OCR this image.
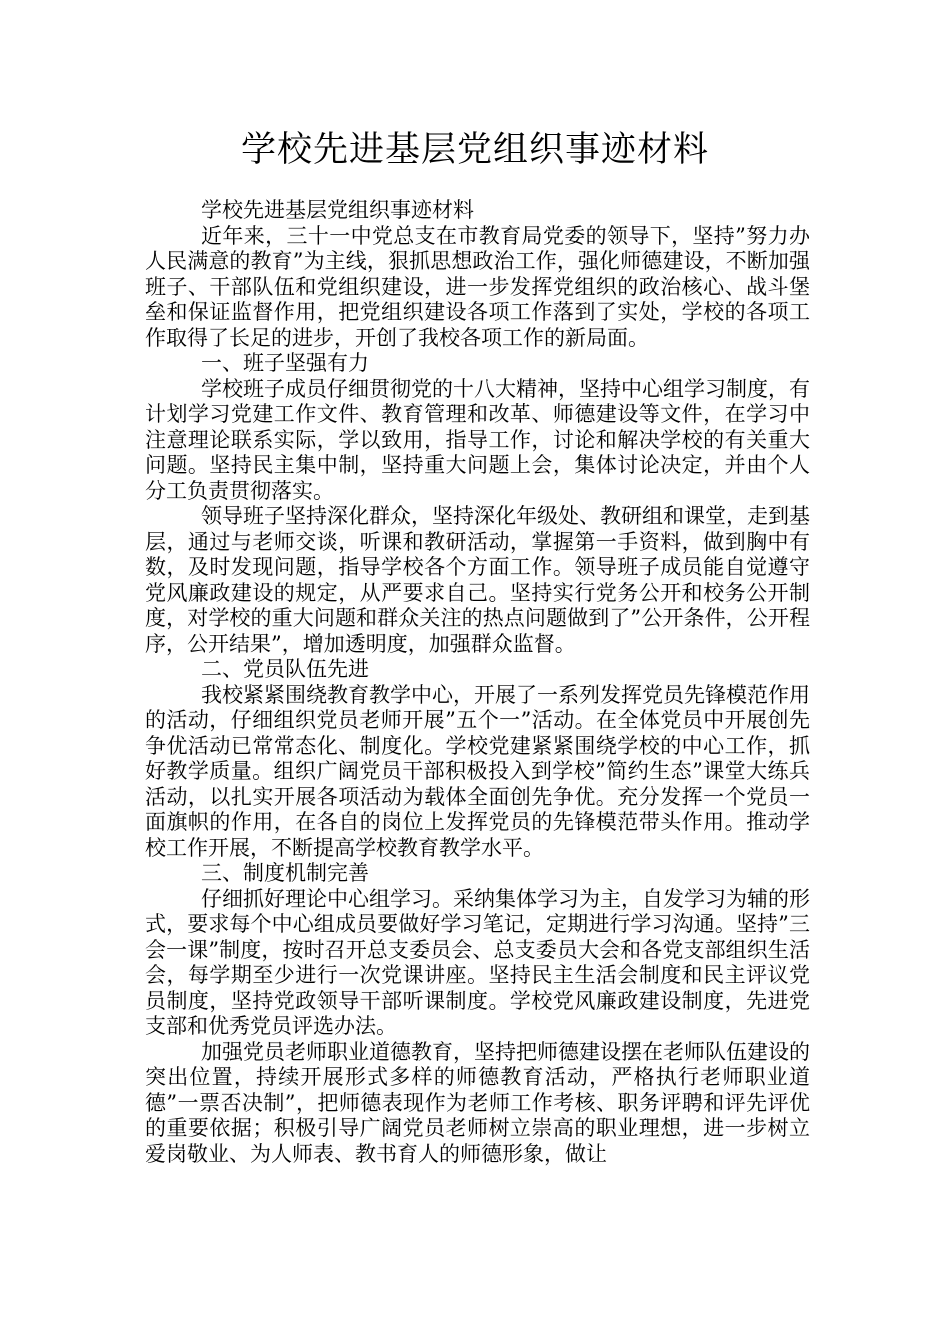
学校先进基层党组织事迹材料

学校先进基层党组织事迹材料

近年来，三十一中党总支在市教育局党委的领导下，坚持”努力办人民满意的教育”为主线，狠抓思想政治工作，强化师德建设，不断加强班子、干部队伍和党组织建设，进一步发挥党组织的政治核心、战斗堡垒和保证监督作用，把党组织建设各项工作落到了实处，学校的各项工作取得了长足的进步，开创了我校各项工作的新局面。

一、班子坚强有力

学校班子成员仔细贯彻党的十八大精神，坚持中心组学习制度，有计划学习党建工作文件、教育管理和改革、师德建设等文件，在学习中注意理论联系实际，学以致用，指导工作，讨论和解决学校的有关重大问题。坚持民主集中制，坚持重大问题上会，集体讨论决定，并由个人分工负责贯彻落实。

领导班子坚持深化群众，坚持深化年级处、教研组和课堂，走到基层，通过与老师交谈，听课和教研活动，掌握第一手资料，做到胸中有数，及时发现问题，指导学校各个方面工作。领导班子成员能自觉遵守党风廉政建设的规定，从严要求自己。坚持实行党务公开和校务公开制度，对学校的重大问题和群众关注的热点问题做到了”公开条件，公开程序，公开结果”，增加透明度，加强群众监督。

二、党员队伍先进

我校紧紧围绕教育教学中心，开展了一系列发挥党员先锋模范作用的活动，仔细组织党员老师开展”五个一”活动。在全体党员中开展创先争优活动已常常态化、制度化。学校党建紧紧围绕学校的中心工作，抓好教学质量。组织广阔党员干部积极投入到学校”简约生态”课堂大练兵活动，以扎实开展各项活动为载体全面创先争优。充分发挥一个党员一面旗帜的作用，在各自的岗位上发挥党员的先锋模范带头作用。推动学校工作开展，不断提高学校教育教学水平。

三、制度机制完善

仔细抓好理论中心组学习。采纳集体学习为主，自发学习为辅的形式，要求每个中心组成员要做好学习笔记，定期进行学习沟通。坚持”三会一课”制度，按时召开总支委员会、总支委员大会和各党支部组织生活会，每学期至少进行一次党课讲座。坚持民主生活会制度和民主评议党员制度，坚持党政领导干部听课制度。学校党风廉政建设制度，先进党支部和优秀党员评选办法。

加强党员老师职业道德教育，坚持把师德建设摆在老师队伍建设的突出位置，持续开展形式多样的师德教育活动，严格执行老师职业道德”一票否决制”，把师德表现作为老师工作考核、职务评聘和评先评优的重要依据；积极引导广阔党员老师树立崇高的职业理想，进一步树立爱岗敬业、为人师表、教书育人的师德形象，做让
